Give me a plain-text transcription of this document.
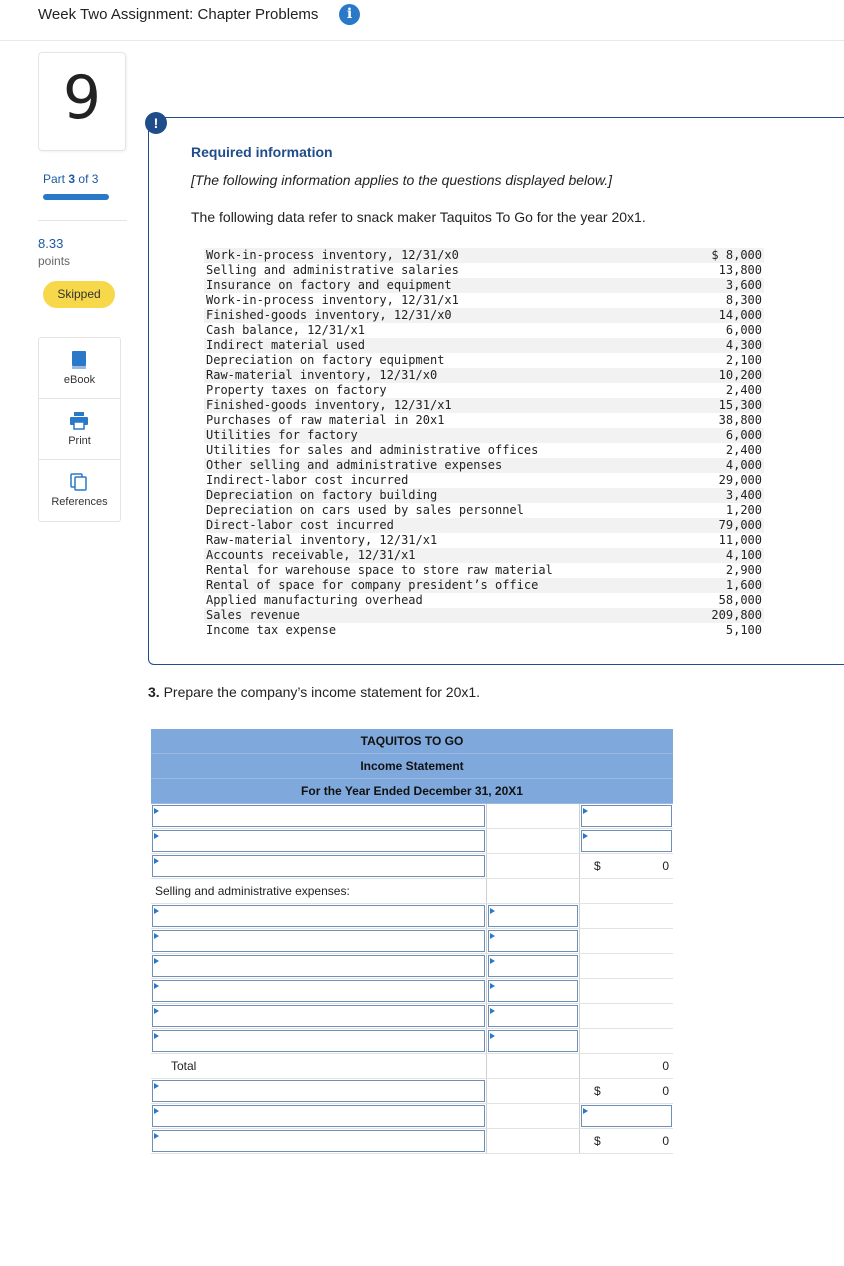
Week Two Assignment: Chapter Problems	i
9
Part 3 of 3
8.33
points
Skipped
eBook
Print
References
!
Required information
[The following information applies to the questions displayed below.]
The following data refer to snack maker Taquitos To Go for the year 20x1.
Work-in-process inventory, 12/31/x0	$ 8,000
Selling and administrative salaries	13,800
Insurance on factory and equipment	3,600
Work-in-process inventory, 12/31/x1	8,300
Finished-goods inventory, 12/31/x0	14,000
Cash balance, 12/31/x1	6,000
Indirect material used	4,300
Depreciation on factory equipment	2,100
Raw-material inventory, 12/31/x0	10,200
Property taxes on factory	2,400
Finished-goods inventory, 12/31/x1	15,300
Purchases of raw material in 20x1	38,800
Utilities for factory	6,000
Utilities for sales and administrative offices	2,400
Other selling and administrative expenses	4,000
Indirect-labor cost incurred	29,000
Depreciation on factory building	3,400
Depreciation on cars used by sales personnel	1,200
Direct-labor cost incurred	79,000
Raw-material inventory, 12/31/x1	11,000
Accounts receivable, 12/31/x1	4,100
Rental for warehouse space to store raw material	2,900
Rental of space for company president’s office	1,600
Applied manufacturing overhead	58,000
Sales revenue	209,800
Income tax expense	5,100
3. Prepare the company’s income statement for 20x1.
TAQUITOS TO GO
Income Statement
For the Year Ended December 31, 20X1
$	0
Selling and administrative expenses:
Total	0
$	0
$	0
